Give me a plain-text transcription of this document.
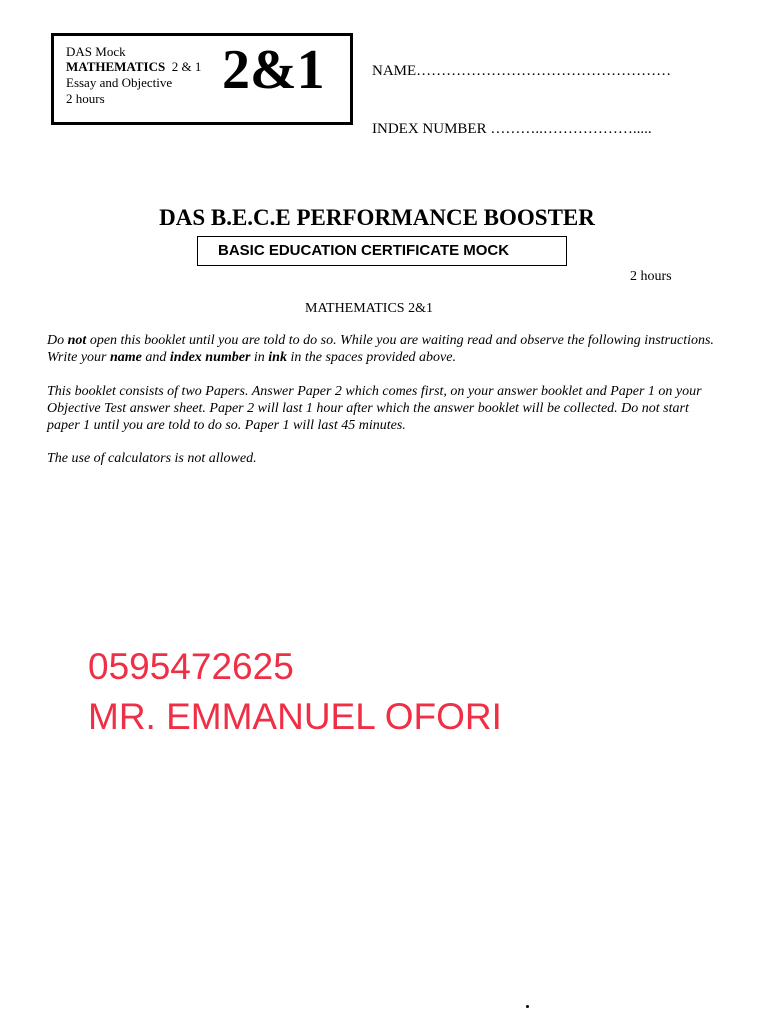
DAS Mock
MATHEMATICS 2 & 1
Essay and Objective
2 hours 2&1	NAME……………………………………………
INDEX NUMBER ………..……………….....
DAS B.E.C.E PERFORMANCE BOOSTER
BASIC EDUCATION CERTIFICATE MOCK
2 hours
MATHEMATICS 2&1

Do not open this booklet until you are told to do so. While you are waiting read and observe the following instructions. Write your name and index number in ink in the spaces provided above.

This booklet consists of two Papers. Answer Paper 2 which comes first, on your answer booklet and Paper 1 on your Objective Test answer sheet. Paper 2 will last 1 hour after which the answer booklet will be collected. Do not start paper 1 until you are told to do so. Paper 1 will last 45 minutes.

The use of calculators is not allowed.

0595472625
MR. EMMANUEL OFORI
